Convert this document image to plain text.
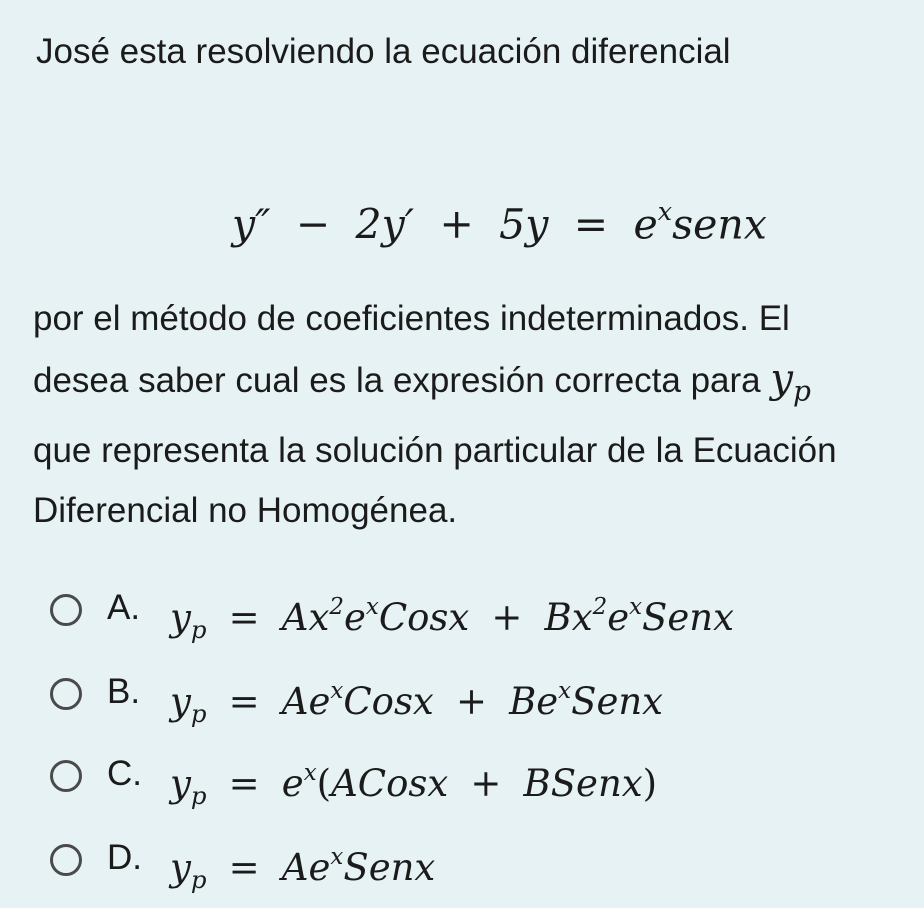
José esta resolviendo la ecuación diferencial
$y'' - 2y' + 5y = e^xsenx$
por el método de coeficientes indeterminados. El
desea saber cual es la expresión correcta para $y_p$
que representa la solución particular de la Ecuación
Diferencial no Homogénea.
A. $y_p$ = $Ax^2e^xCosx$ + $Bx^2e^xSenx$
B. $y_p$ = $Ae^xCosx$ + $Be^xSenx$
C. $y_p$ = $e^x(ACosx$ + BSenx)
D. $y_p$ = $Ae^xSenx$
